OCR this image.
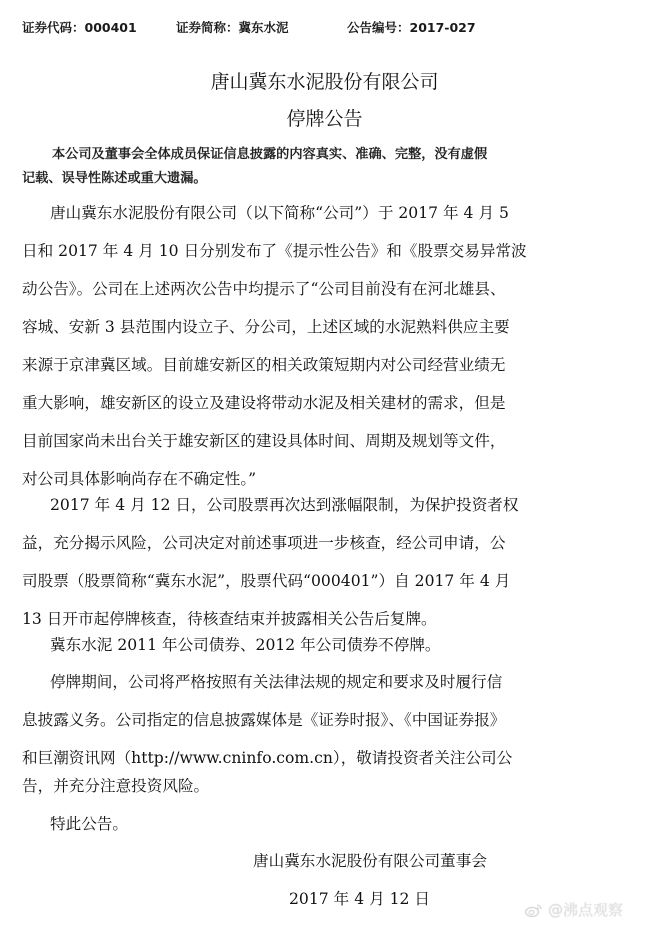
证券代码：000401	证券简称：冀东水泥	公告编号：2017-027
唐山冀东水泥股份有限公司
停牌公告
本公司及董事会全体成员保证信息披露的内容真实、准确、完整，没有虚假
记载、误导性陈述或重大遗漏。
唐山冀东水泥股份有限公司（以下简称“公司”）于 2017 年 4 月 5
日和 2017 年 4 月 10 日分别发布了《提示性公告》和《股票交易异常波
动公告》。公司在上述两次公告中均提示了“公司目前没有在河北雄县、
容城、安新 3 县范围内设立子、分公司，上述区域的水泥熟料供应主要
来源于京津冀区域。目前雄安新区的相关政策短期内对公司经营业绩无
重大影响，雄安新区的设立及建设将带动水泥及相关建材的需求，但是
目前国家尚未出台关于雄安新区的建设具体时间、周期及规划等文件，
对公司具体影响尚存在不确定性。”
2017 年 4 月 12 日，公司股票再次达到涨幅限制，为保护投资者权
益，充分揭示风险，公司决定对前述事项进一步核查，经公司申请，公
司股票（股票简称“冀东水泥”，股票代码“000401”）自 2017 年 4 月
13 日开市起停牌核查，待核查结束并披露相关公告后复牌。
冀东水泥 2011 年公司债券、2012 年公司债券不停牌。
停牌期间，公司将严格按照有关法律法规的规定和要求及时履行信
息披露义务。公司指定的信息披露媒体是《证券时报》、《中国证券报》
和巨潮资讯网（http://www.cninfo.com.cn），敬请投资者关注公司公
告，并充分注意投资风险。
特此公告。
唐山冀东水泥股份有限公司董事会
2017 年 4 月 12 日
@沸点观察
